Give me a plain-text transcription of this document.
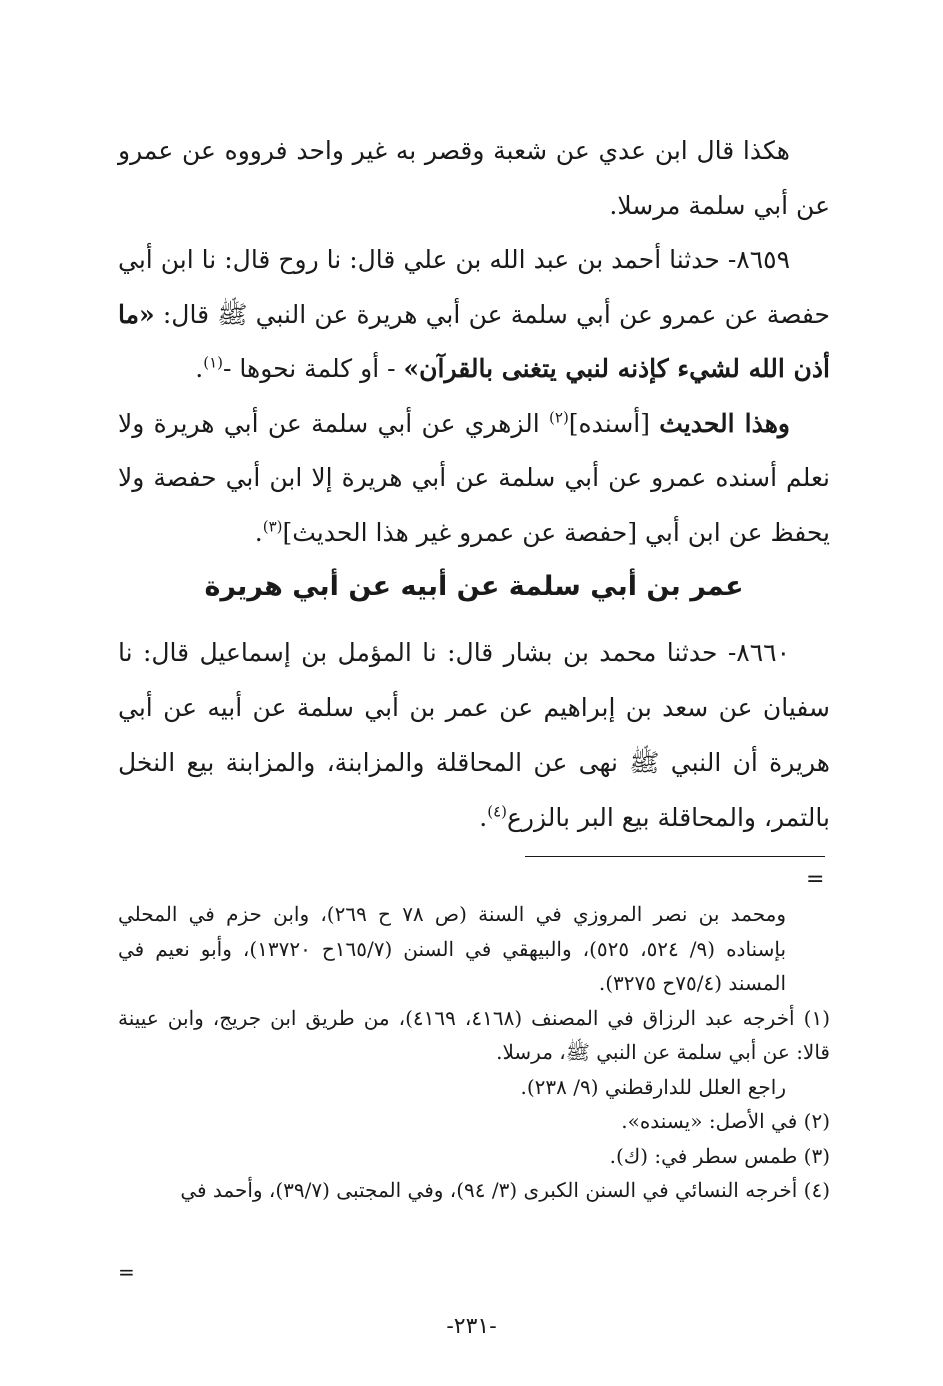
هكذا قال ابن عدي عن شعبة وقصر به غير واحد فرووه عن عمرو عن أبي سلمة مرسلا.

٨٦٥٩- حدثنا أحمد بن عبد الله بن علي قال: نا روح قال: نا ابن أبي حفصة عن عمرو عن أبي سلمة عن أبي هريرة عن النبي ﷺ قال: «ما أذن الله لشيء كإذنه لنبي يتغنى بالقرآن» - أو كلمة نحوها -$^{(١)}$.

وهذا الحديث [أسنده]$^{(٢)}$ الزهري عن أبي سلمة عن أبي هريرة ولا نعلم أسنده عمرو عن أبي سلمة عن أبي هريرة إلا ابن أبي حفصة ولا يحفظ عن ابن أبي [حفصة عن عمرو غير هذا الحديث]$^{(٣)}$.

عمر بن أبي سلمة عن أبيه عن أبي هريرة

٨٦٦٠- حدثنا محمد بن بشار قال: نا المؤمل بن إسماعيل قال: نا سفيان عن سعد بن إبراهيم عن عمر بن أبي سلمة عن أبيه عن أبي هريرة أن النبي ﷺ نهى عن المحاقلة والمزابنة، والمزابنة بيع النخل بالتمر، والمحاقلة بيع البر بالزرع$^{(٤)}$.

=

ومحمد بن نصر المروزي في السنة (ص ٧٨ ح ٢٦٩)، وابن حزم في المحلي بإسناده (٩/ ٥٢٤، ٥٢٥)، والبيهقي في السنن (١٦٥/٧ح ١٣٧٢٠)، وأبو نعيم في المسند (٧٥/٤ح ٣٢٧٥).

(١) أخرجه عبد الرزاق في المصنف (٤١٦٨، ٤١٦٩)، من طريق ابن جريج، وابن عيينة قالا: عن أبي سلمة عن النبي ﷺ، مرسلا.

راجع العلل للدارقطني (٩/ ٢٣٨).

(٢) في الأصل: «يسنده».

(٣) طمس سطر في: (ك).

(٤) أخرجه النسائي في السنن الكبرى (٣/ ٩٤)، وفي المجتبى (٣٩/٧)، وأحمد في

=
-٢٣١-
